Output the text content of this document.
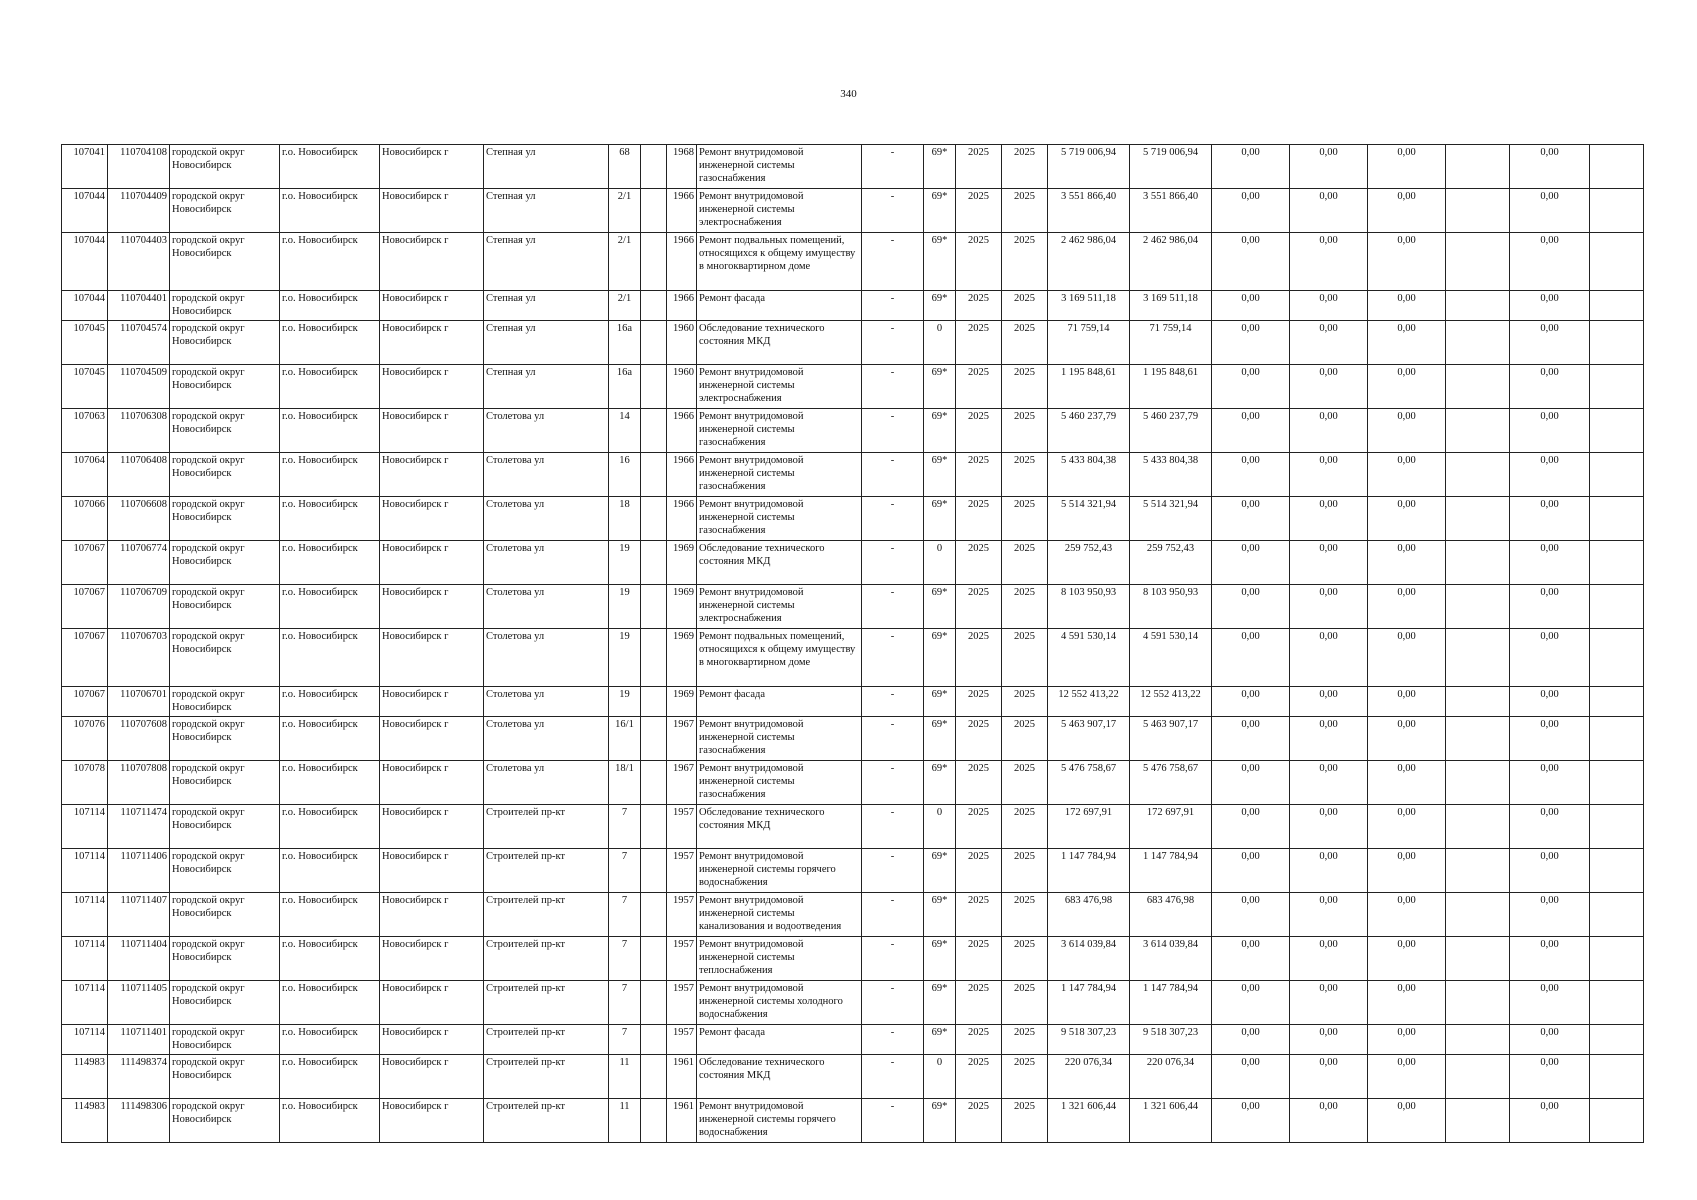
340
107041	110704108	городской округ Новосибирск	г.о. Новосибирск	Новосибирск г	Степная ул	68		1968	Ремонт внутридомовой инженерной системы газоснабжения	-	69*	2025	2025	5 719 006,94	5 719 006,94	0,00	0,00	0,00		0,00	
107044	110704409	городской округ Новосибирск	г.о. Новосибирск	Новосибирск г	Степная ул	2/1		1966	Ремонт внутридомовой инженерной системы электроснабжения	-	69*	2025	2025	3 551 866,40	3 551 866,40	0,00	0,00	0,00		0,00	
107044	110704403	городской округ Новосибирск	г.о. Новосибирск	Новосибирск г	Степная ул	2/1		1966	Ремонт подвальных помещений, относящихся к общему имуществу в многоквартирном доме	-	69*	2025	2025	2 462 986,04	2 462 986,04	0,00	0,00	0,00		0,00	
107044	110704401	городской округ Новосибирск	г.о. Новосибирск	Новосибирск г	Степная ул	2/1		1966	Ремонт фасада	-	69*	2025	2025	3 169 511,18	3 169 511,18	0,00	0,00	0,00		0,00	
107045	110704574	городской округ Новосибирск	г.о. Новосибирск	Новосибирск г	Степная ул	16а		1960	Обследование технического состояния МКД	-	0	2025	2025	71 759,14	71 759,14	0,00	0,00	0,00		0,00	
107045	110704509	городской округ Новосибирск	г.о. Новосибирск	Новосибирск г	Степная ул	16а		1960	Ремонт внутридомовой инженерной системы электроснабжения	-	69*	2025	2025	1 195 848,61	1 195 848,61	0,00	0,00	0,00		0,00	
107063	110706308	городской округ Новосибирск	г.о. Новосибирск	Новосибирск г	Столетова ул	14		1966	Ремонт внутридомовой инженерной системы газоснабжения	-	69*	2025	2025	5 460 237,79	5 460 237,79	0,00	0,00	0,00		0,00	
107064	110706408	городской округ Новосибирск	г.о. Новосибирск	Новосибирск г	Столетова ул	16		1966	Ремонт внутридомовой инженерной системы газоснабжения	-	69*	2025	2025	5 433 804,38	5 433 804,38	0,00	0,00	0,00		0,00	
107066	110706608	городской округ Новосибирск	г.о. Новосибирск	Новосибирск г	Столетова ул	18		1966	Ремонт внутридомовой инженерной системы газоснабжения	-	69*	2025	2025	5 514 321,94	5 514 321,94	0,00	0,00	0,00		0,00	
107067	110706774	городской округ Новосибирск	г.о. Новосибирск	Новосибирск г	Столетова ул	19		1969	Обследование технического состояния МКД	-	0	2025	2025	259 752,43	259 752,43	0,00	0,00	0,00		0,00	
107067	110706709	городской округ Новосибирск	г.о. Новосибирск	Новосибирск г	Столетова ул	19		1969	Ремонт внутридомовой инженерной системы электроснабжения	-	69*	2025	2025	8 103 950,93	8 103 950,93	0,00	0,00	0,00		0,00	
107067	110706703	городской округ Новосибирск	г.о. Новосибирск	Новосибирск г	Столетова ул	19		1969	Ремонт подвальных помещений, относящихся к общему имуществу в многоквартирном доме	-	69*	2025	2025	4 591 530,14	4 591 530,14	0,00	0,00	0,00		0,00	
107067	110706701	городской округ Новосибирск	г.о. Новосибирск	Новосибирск г	Столетова ул	19		1969	Ремонт фасада	-	69*	2025	2025	12 552 413,22	12 552 413,22	0,00	0,00	0,00		0,00	
107076	110707608	городской округ Новосибирск	г.о. Новосибирск	Новосибирск г	Столетова ул	16/1		1967	Ремонт внутридомовой инженерной системы газоснабжения	-	69*	2025	2025	5 463 907,17	5 463 907,17	0,00	0,00	0,00		0,00	
107078	110707808	городской округ Новосибирск	г.о. Новосибирск	Новосибирск г	Столетова ул	18/1		1967	Ремонт внутридомовой инженерной системы газоснабжения	-	69*	2025	2025	5 476 758,67	5 476 758,67	0,00	0,00	0,00		0,00	
107114	110711474	городской округ Новосибирск	г.о. Новосибирск	Новосибирск г	Строителей пр-кт	7		1957	Обследование технического состояния МКД	-	0	2025	2025	172 697,91	172 697,91	0,00	0,00	0,00		0,00	
107114	110711406	городской округ Новосибирск	г.о. Новосибирск	Новосибирск г	Строителей пр-кт	7		1957	Ремонт внутридомовой инженерной системы горячего водоснабжения	-	69*	2025	2025	1 147 784,94	1 147 784,94	0,00	0,00	0,00		0,00	
107114	110711407	городской округ Новосибирск	г.о. Новосибирск	Новосибирск г	Строителей пр-кт	7		1957	Ремонт внутридомовой инженерной системы канализования и водоотведения	-	69*	2025	2025	683 476,98	683 476,98	0,00	0,00	0,00		0,00	
107114	110711404	городской округ Новосибирск	г.о. Новосибирск	Новосибирск г	Строителей пр-кт	7		1957	Ремонт внутридомовой инженерной системы теплоснабжения	-	69*	2025	2025	3 614 039,84	3 614 039,84	0,00	0,00	0,00		0,00	
107114	110711405	городской округ Новосибирск	г.о. Новосибирск	Новосибирск г	Строителей пр-кт	7		1957	Ремонт внутридомовой инженерной системы холодного водоснабжения	-	69*	2025	2025	1 147 784,94	1 147 784,94	0,00	0,00	0,00		0,00	
107114	110711401	городской округ Новосибирск	г.о. Новосибирск	Новосибирск г	Строителей пр-кт	7		1957	Ремонт фасада	-	69*	2025	2025	9 518 307,23	9 518 307,23	0,00	0,00	0,00		0,00	
114983	111498374	городской округ Новосибирск	г.о. Новосибирск	Новосибирск г	Строителей пр-кт	11		1961	Обследование технического состояния МКД	-	0	2025	2025	220 076,34	220 076,34	0,00	0,00	0,00		0,00	
114983	111498306	городской округ Новосибирск	г.о. Новосибирск	Новосибирск г	Строителей пр-кт	11		1961	Ремонт внутридомовой инженерной системы горячего водоснабжения	-	69*	2025	2025	1 321 606,44	1 321 606,44	0,00	0,00	0,00		0,00	
